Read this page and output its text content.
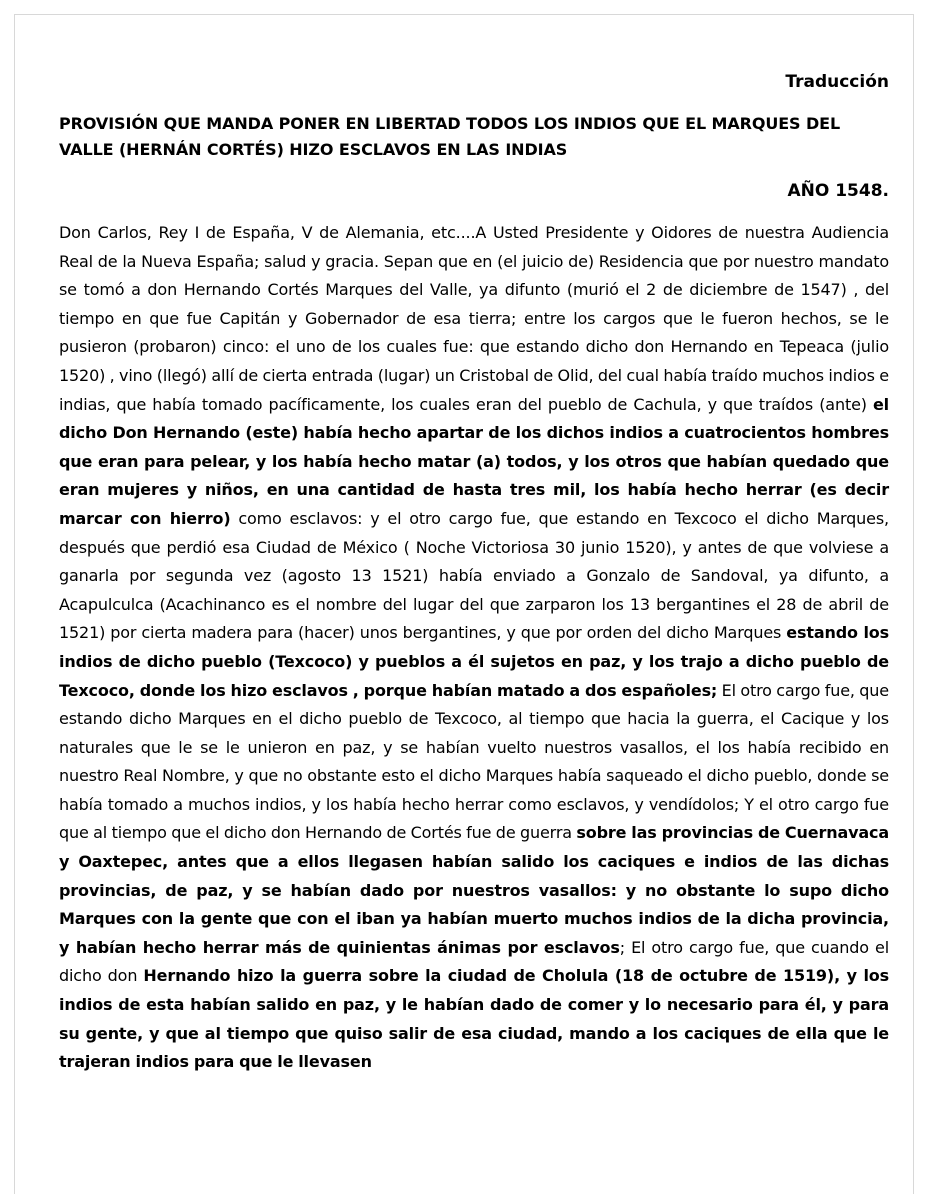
Traducción

PROVISIÓN QUE MANDA PONER EN LIBERTAD TODOS LOS INDIOS QUE EL MARQUES DEL VALLE (HERNÁN CORTÉS) HIZO ESCLAVOS EN LAS INDIAS

AÑO 1548.

Don Carlos, Rey I de España, V de Alemania, etc....A Usted Presidente y Oidores de nuestra Audiencia Real de la Nueva España; salud y gracia. Sepan que en (el juicio de) Residencia que por nuestro mandato se tomó a don Hernando Cortés Marques del Valle, ya difunto (murió el 2 de diciembre de 1547) , del tiempo en que fue Capitán y Gobernador de esa tierra; entre los cargos que le fueron hechos, se le pusieron (probaron) cinco: el uno de los cuales fue: que estando dicho don Hernando en Tepeaca (julio 1520) , vino (llegó) allí de cierta entrada (lugar) un Cristobal de Olid, del cual había traído muchos indios e indias, que había tomado pacíficamente, los cuales eran del pueblo de Cachula, y que traídos (ante) el dicho Don Hernando (este) había hecho apartar de los dichos indios a cuatrocientos hombres que eran para pelear, y los había hecho matar (a) todos, y los otros que habían quedado que eran mujeres y niños, en una cantidad de hasta tres mil, los había hecho herrar (es decir marcar con hierro) como esclavos: y el otro cargo fue, que estando en Texcoco el dicho Marques, después que perdió esa Ciudad de México ( Noche Victoriosa 30 junio 1520), y antes de que volviese a ganarla por segunda vez (agosto 13 1521) había enviado a Gonzalo de Sandoval, ya difunto, a Acapulculca (Acachinanco es el nombre del lugar del que zarparon los 13 bergantines el 28 de abril de 1521) por cierta madera para (hacer) unos bergantines, y que por orden del dicho Marques estando los indios de dicho pueblo (Texcoco) y pueblos a él sujetos en paz, y los trajo a dicho pueblo de Texcoco, donde los hizo esclavos , porque habían matado a dos españoles; El otro cargo fue, que estando dicho Marques en el dicho pueblo de Texcoco, al tiempo que hacia la guerra, el Cacique y los naturales que le se le unieron en paz, y se habían vuelto nuestros vasallos, el los había recibido en nuestro Real Nombre, y que no obstante esto el dicho Marques había saqueado el dicho pueblo, donde se había tomado a muchos indios, y los había hecho herrar como esclavos, y vendídolos; Y el otro cargo fue que al tiempo que el dicho don Hernando de Cortés fue de guerra sobre las provincias de Cuernavaca y Oaxtepec, antes que a ellos llegasen habían salido los caciques e indios de las dichas provincias, de paz, y se habían dado por nuestros vasallos: y no obstante lo supo dicho Marques con la gente que con el iban ya habían muerto muchos indios de la dicha provincia, y habían hecho herrar más de quinientas ánimas por esclavos; El otro cargo fue, que cuando el dicho don Hernando hizo la guerra sobre la ciudad de Cholula (18 de octubre de 1519), y los indios de esta habían salido en paz, y le habían dado de comer y lo necesario para él, y para su gente, y que al tiempo que quiso salir de esa ciudad, mando a los caciques de ella que le trajeran indios para que le llevasen
